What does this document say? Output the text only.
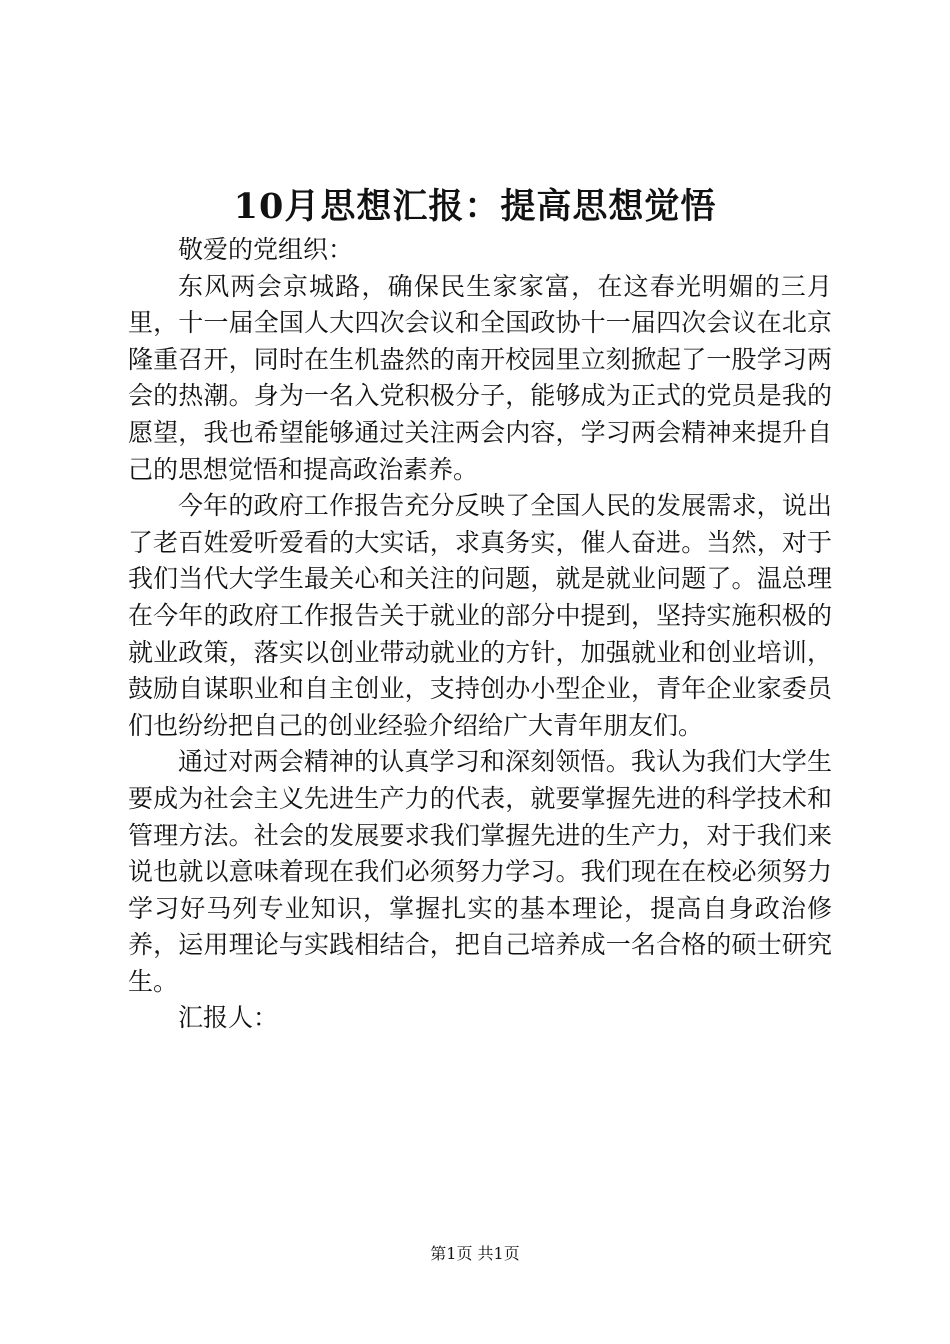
10月思想汇报：提高思想觉悟

敬爱的党组织：

东风两会京城路，确保民生家家富，在这春光明媚的三月里，十一届全国人大四次会议和全国政协十一届四次会议在北京隆重召开，同时在生机盎然的南开校园里立刻掀起了一股学习两会的热潮。身为一名入党积极分子，能够成为正式的党员是我的愿望，我也希望能够通过关注两会内容，学习两会精神来提升自己的思想觉悟和提高政治素养。

今年的政府工作报告充分反映了全国人民的发展需求，说出了老百姓爱听爱看的大实话，求真务实，催人奋进。当然，对于我们当代大学生最关心和关注的问题，就是就业问题了。温总理在今年的政府工作报告关于就业的部分中提到，坚持实施积极的就业政策，落实以创业带动就业的方针，加强就业和创业培训，鼓励自谋职业和自主创业，支持创办小型企业，青年企业家委员们也纷纷把自己的创业经验介绍给广大青年朋友们。

通过对两会精神的认真学习和深刻领悟。我认为我们大学生要成为社会主义先进生产力的代表，就要掌握先进的科学技术和管理方法。社会的发展要求我们掌握先进的生产力，对于我们来说也就以意味着现在我们必须努力学习。我们现在在校必须努力学习好马列专业知识，掌握扎实的基本理论，提高自身政治修养，运用理论与实践相结合，把自己培养成一名合格的硕士研究生。

汇报人：

第1页 共1页
